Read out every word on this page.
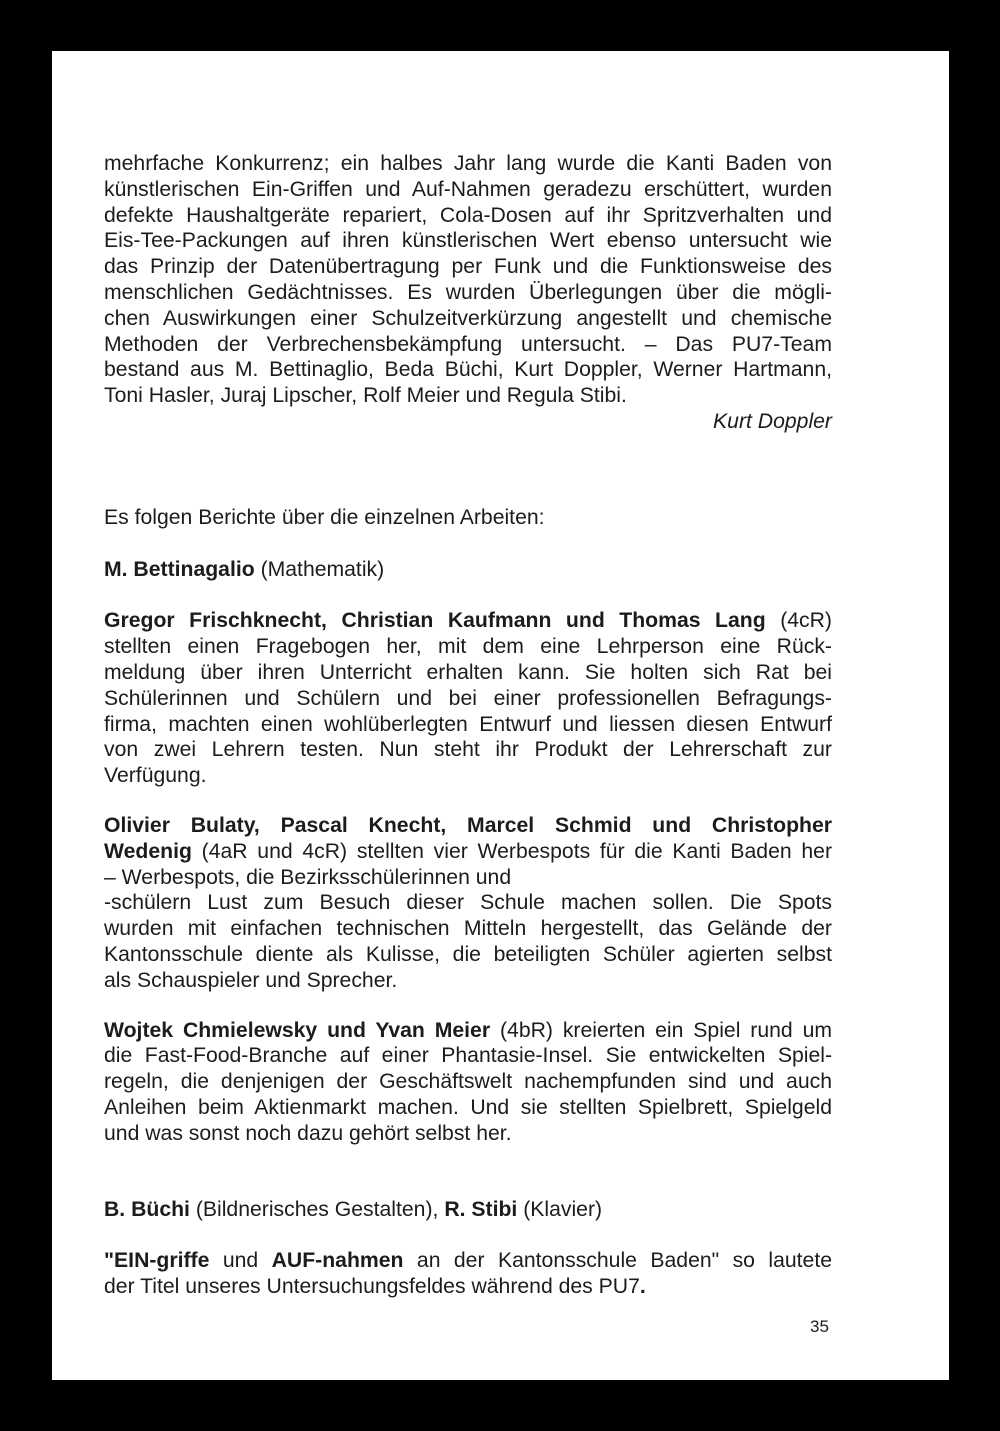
mehrfache Konkurrenz; ein halbes Jahr lang wurde die Kanti Baden von

künstlerischen Ein-Griffen und Auf-Nahmen geradezu erschüttert, wurden

defekte Haushaltgeräte repariert, Cola-Dosen auf ihr Spritzverhalten und

Eis-Tee-Packungen auf ihren künstlerischen Wert ebenso untersucht wie

das Prinzip der Datenübertragung per Funk und die Funktionsweise des

menschlichen Gedächtnisses. Es wurden Überlegungen über die mögli-

chen Auswirkungen einer Schulzeitverkürzung angestellt und chemische

Methoden der Verbrechensbekämpfung untersucht. – Das PU7-Team

bestand aus M. Bettinaglio, Beda Büchi, Kurt Doppler, Werner Hartmann,

Toni Hasler, Juraj Lipscher, Rolf Meier und Regula Stibi.

Kurt Doppler

Es folgen Berichte über die einzelnen Arbeiten:

M. Bettinagalio (Mathematik)

Gregor Frischknecht, Christian Kaufmann und Thomas Lang (4cR)

stellten einen Fragebogen her, mit dem eine Lehrperson eine Rück-

meldung über ihren Unterricht erhalten kann. Sie holten sich Rat bei

Schülerinnen und Schülern und bei einer professionellen Befragungs-

firma, machten einen wohlüberlegten Entwurf und liessen diesen Entwurf

von zwei Lehrern testen. Nun steht ihr Produkt der Lehrerschaft zur

Verfügung.

Olivier Bulaty, Pascal Knecht, Marcel Schmid und Christopher

Wedenig (4aR und 4cR) stellten vier Werbespots für die Kanti Baden her

– Werbespots, die Bezirksschülerinnen und

-schülern Lust zum Besuch dieser Schule machen sollen. Die Spots

wurden mit einfachen technischen Mitteln hergestellt, das Gelände der

Kantonsschule diente als Kulisse, die beteiligten Schüler agierten selbst

als Schauspieler und Sprecher.

Wojtek Chmielewsky und Yvan Meier (4bR) kreierten ein Spiel rund um

die Fast-Food-Branche auf einer Phantasie-Insel. Sie entwickelten Spiel-

regeln, die denjenigen der Geschäftswelt nachempfunden sind und auch

Anleihen beim Aktienmarkt machen. Und sie stellten Spielbrett, Spielgeld

und was sonst noch dazu gehört selbst her.

B. Büchi (Bildnerisches Gestalten), R. Stibi (Klavier)

"EIN-griffe und AUF-nahmen an der Kantonsschule Baden" so lautete

der Titel unseres Untersuchungsfeldes während des PU7.

35
